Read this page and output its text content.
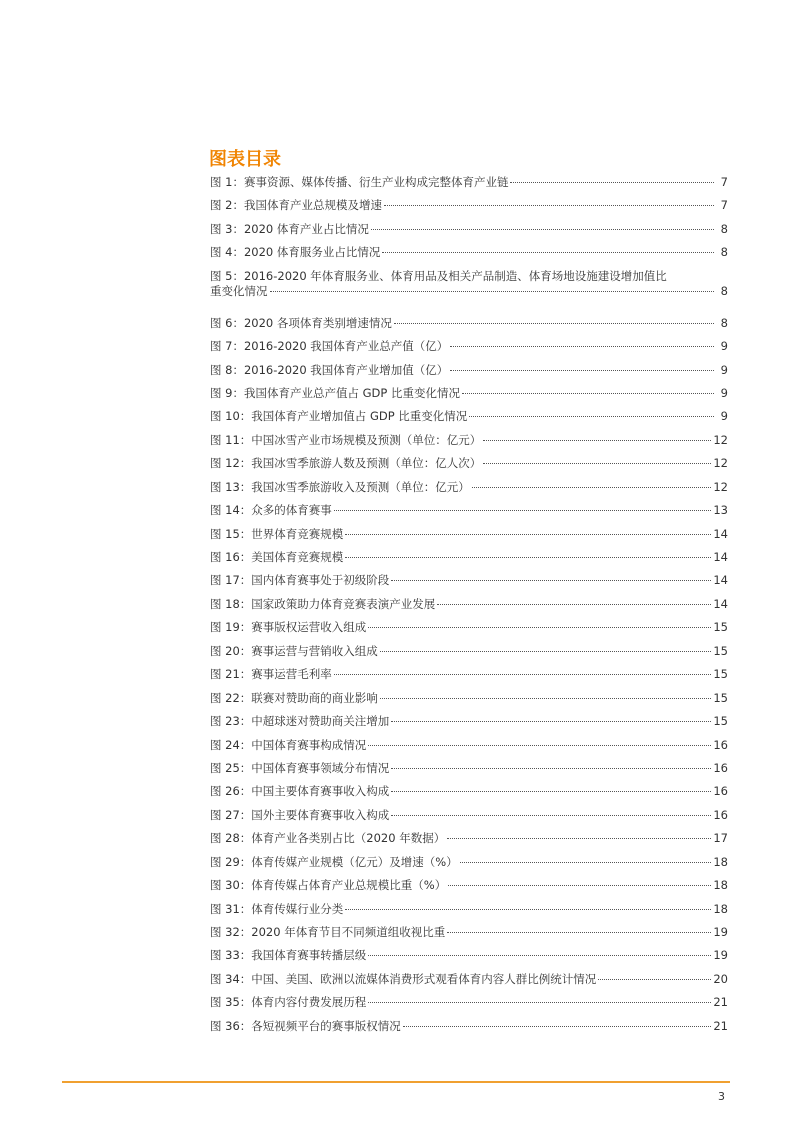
图表目录
图 1：赛事资源、媒体传播、衍生产业构成完整体育产业链	7
图 2：我国体育产业总规模及增速	7
图 3：2020 体育产业占比情况	8
图 4：2020 体育服务业占比情况	8
图 5：2016-2020 年体育服务业、体育用品及相关产品制造、体育场地设施建设增加值比
重变化情况	8
图 6：2020 各项体育类别增速情况	8
图 7：2016-2020 我国体育产业总产值（亿）	9
图 8：2016-2020 我国体育产业增加值（亿）	9
图 9：我国体育产业总产值占 GDP 比重变化情况	9
图 10：我国体育产业增加值占 GDP 比重变化情况	9
图 11：中国冰雪产业市场规模及预测（单位：亿元）	12
图 12：我国冰雪季旅游人数及预测（单位：亿人次）	12
图 13：我国冰雪季旅游收入及预测（单位：亿元）	12
图 14：众多的体育赛事	13
图 15：世界体育竞赛规模	14
图 16：美国体育竞赛规模	14
图 17：国内体育赛事处于初级阶段	14
图 18：国家政策助力体育竞赛表演产业发展	14
图 19：赛事版权运营收入组成	15
图 20：赛事运营与营销收入组成	15
图 21：赛事运营毛利率	15
图 22：联赛对赞助商的商业影响	15
图 23：中超球迷对赞助商关注增加	15
图 24：中国体育赛事构成情况	16
图 25：中国体育赛事领域分布情况	16
图 26：中国主要体育赛事收入构成	16
图 27：国外主要体育赛事收入构成	16
图 28：体育产业各类别占比（2020 年数据）	17
图 29：体育传媒产业规模（亿元）及增速（%）	18
图 30：体育传媒占体育产业总规模比重（%）	18
图 31：体育传媒行业分类	18
图 32：2020 年体育节目不同频道组收视比重	19
图 33：我国体育赛事转播层级	19
图 34：中国、美国、欧洲以流媒体消费形式观看体育内容人群比例统计情况	20
图 35：体育内容付费发展历程	21
图 36：各短视频平台的赛事版权情况	21
3
